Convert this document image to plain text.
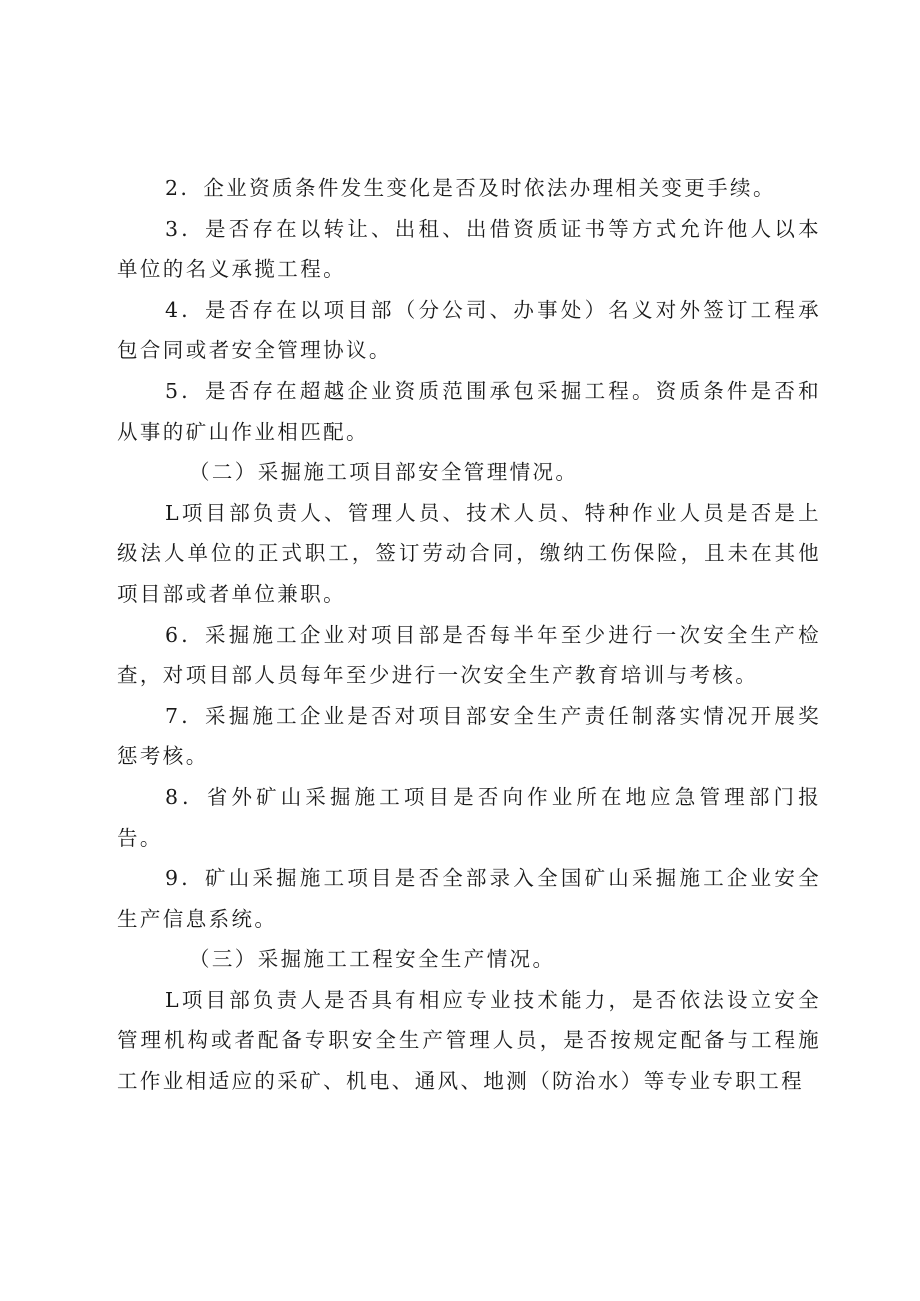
2．企业资质条件发生变化是否及时依法办理相关变更手续。

3．是否存在以转让、出租、出借资质证书等方式允许他人以本单位的名义承揽工程。

4．是否存在以项目部（分公司、办事处）名义对外签订工程承包合同或者安全管理协议。

5．是否存在超越企业资质范围承包采掘工程。资质条件是否和从事的矿山作业相匹配。

（二）采掘施工项目部安全管理情况。

L项目部负责人、管理人员、技术人员、特种作业人员是否是上级法人单位的正式职工，签订劳动合同，缴纳工伤保险，且未在其他项目部或者单位兼职。

6．采掘施工企业对项目部是否每半年至少进行一次安全生产检查，对项目部人员每年至少进行一次安全生产教育培训与考核。

7．采掘施工企业是否对项目部安全生产责任制落实情况开展奖惩考核。

8．省外矿山采掘施工项目是否向作业所在地应急管理部门报告。

9．矿山采掘施工项目是否全部录入全国矿山采掘施工企业安全生产信息系统。

（三）采掘施工工程安全生产情况。

L项目部负责人是否具有相应专业技术能力，是否依法设立安全管理机构或者配备专职安全生产管理人员，是否按规定配备与工程施工作业相适应的采矿、机电、通风、地测（防治水）等专业专职工程
